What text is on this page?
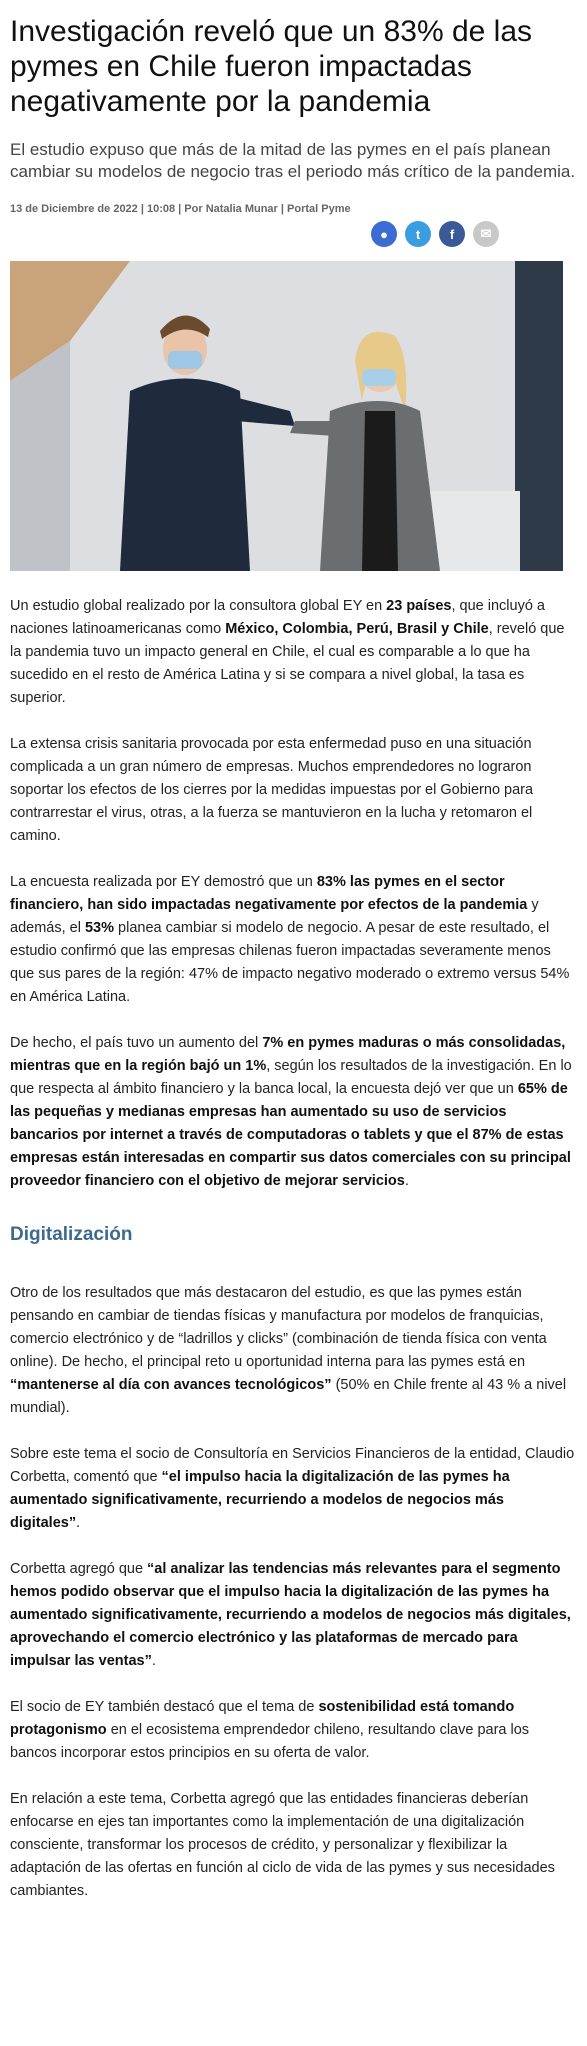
Investigación reveló que un 83% de las pymes en Chile fueron impactadas negativamente por la pandemia

El estudio expuso que más de la mitad de las pymes en el país planean cambiar su modelos de negocio tras el periodo más crítico de la pandemia.

13 de Diciembre de 2022 | 10:08 | Por Natalia Munar | Portal Pyme
●	t	f	✉

Un estudio global realizado por la consultora global EY en 23 países, que incluyó a naciones latinoamericanas como México, Colombia, Perú, Brasil y Chile, reveló que la pandemia tuvo un impacto general en Chile, el cual es comparable a lo que ha sucedido en el resto de América Latina y si se compara a nivel global, la tasa es superior.

La extensa crisis sanitaria provocada por esta enfermedad puso en una situación complicada a un gran número de empresas. Muchos emprendedores no lograron soportar los efectos de los cierres por la medidas impuestas por el Gobierno para contrarrestar el virus, otras, a la fuerza se mantuvieron en la lucha y retomaron el camino.

La encuesta realizada por EY demostró que un 83% las pymes en el sector financiero, han sido impactadas negativamente por efectos de la pandemia y además, el 53% planea cambiar si modelo de negocio. A pesar de este resultado, el estudio confirmó que las empresas chilenas fueron impactadas severamente menos que sus pares de la región: 47% de impacto negativo moderado o extremo versus 54% en América Latina.

De hecho, el país tuvo un aumento del 7% en pymes maduras o más consolidadas, mientras que en la región bajó un 1%, según los resultados de la investigación. En lo que respecta al ámbito financiero y la banca local, la encuesta dejó ver que un 65% de las pequeñas y medianas empresas han aumentado su uso de servicios bancarios por internet a través de computadoras o tablets y que el 87% de estas empresas están interesadas en compartir sus datos comerciales con su principal proveedor financiero con el objetivo de mejorar servicios.

Digitalización

Otro de los resultados que más destacaron del estudio, es que las pymes están pensando en cambiar de tiendas físicas y manufactura por modelos de franquicias, comercio electrónico y de “ladrillos y clicks” (combinación de tienda física con venta online). De hecho, el principal reto u oportunidad interna para las pymes está en “mantenerse al día con avances tecnológicos” (50% en Chile frente al 43 % a nivel mundial).

Sobre este tema el socio de Consultoría en Servicios Financieros de la entidad, Claudio Corbetta, comentó que “el impulso hacia la digitalización de las pymes ha aumentado significativamente, recurriendo a modelos de negocios más digitales”.

Corbetta agregó que “al analizar las tendencias más relevantes para el segmento hemos podido observar que el impulso hacia la digitalización de las pymes ha aumentado significativamente, recurriendo a modelos de negocios más digitales, aprovechando el comercio electrónico y las plataformas de mercado para impulsar las ventas”.

El socio de EY también destacó que el tema de sostenibilidad está tomando protagonismo en el ecosistema emprendedor chileno, resultando clave para los bancos incorporar estos principios en su oferta de valor.

En relación a este tema, Corbetta agregó que las entidades financieras deberían enfocarse en ejes tan importantes como la implementación de una digitalización consciente, transformar los procesos de crédito, y personalizar y flexibilizar la adaptación de las ofertas en función al ciclo de vida de las pymes y sus necesidades cambiantes.
